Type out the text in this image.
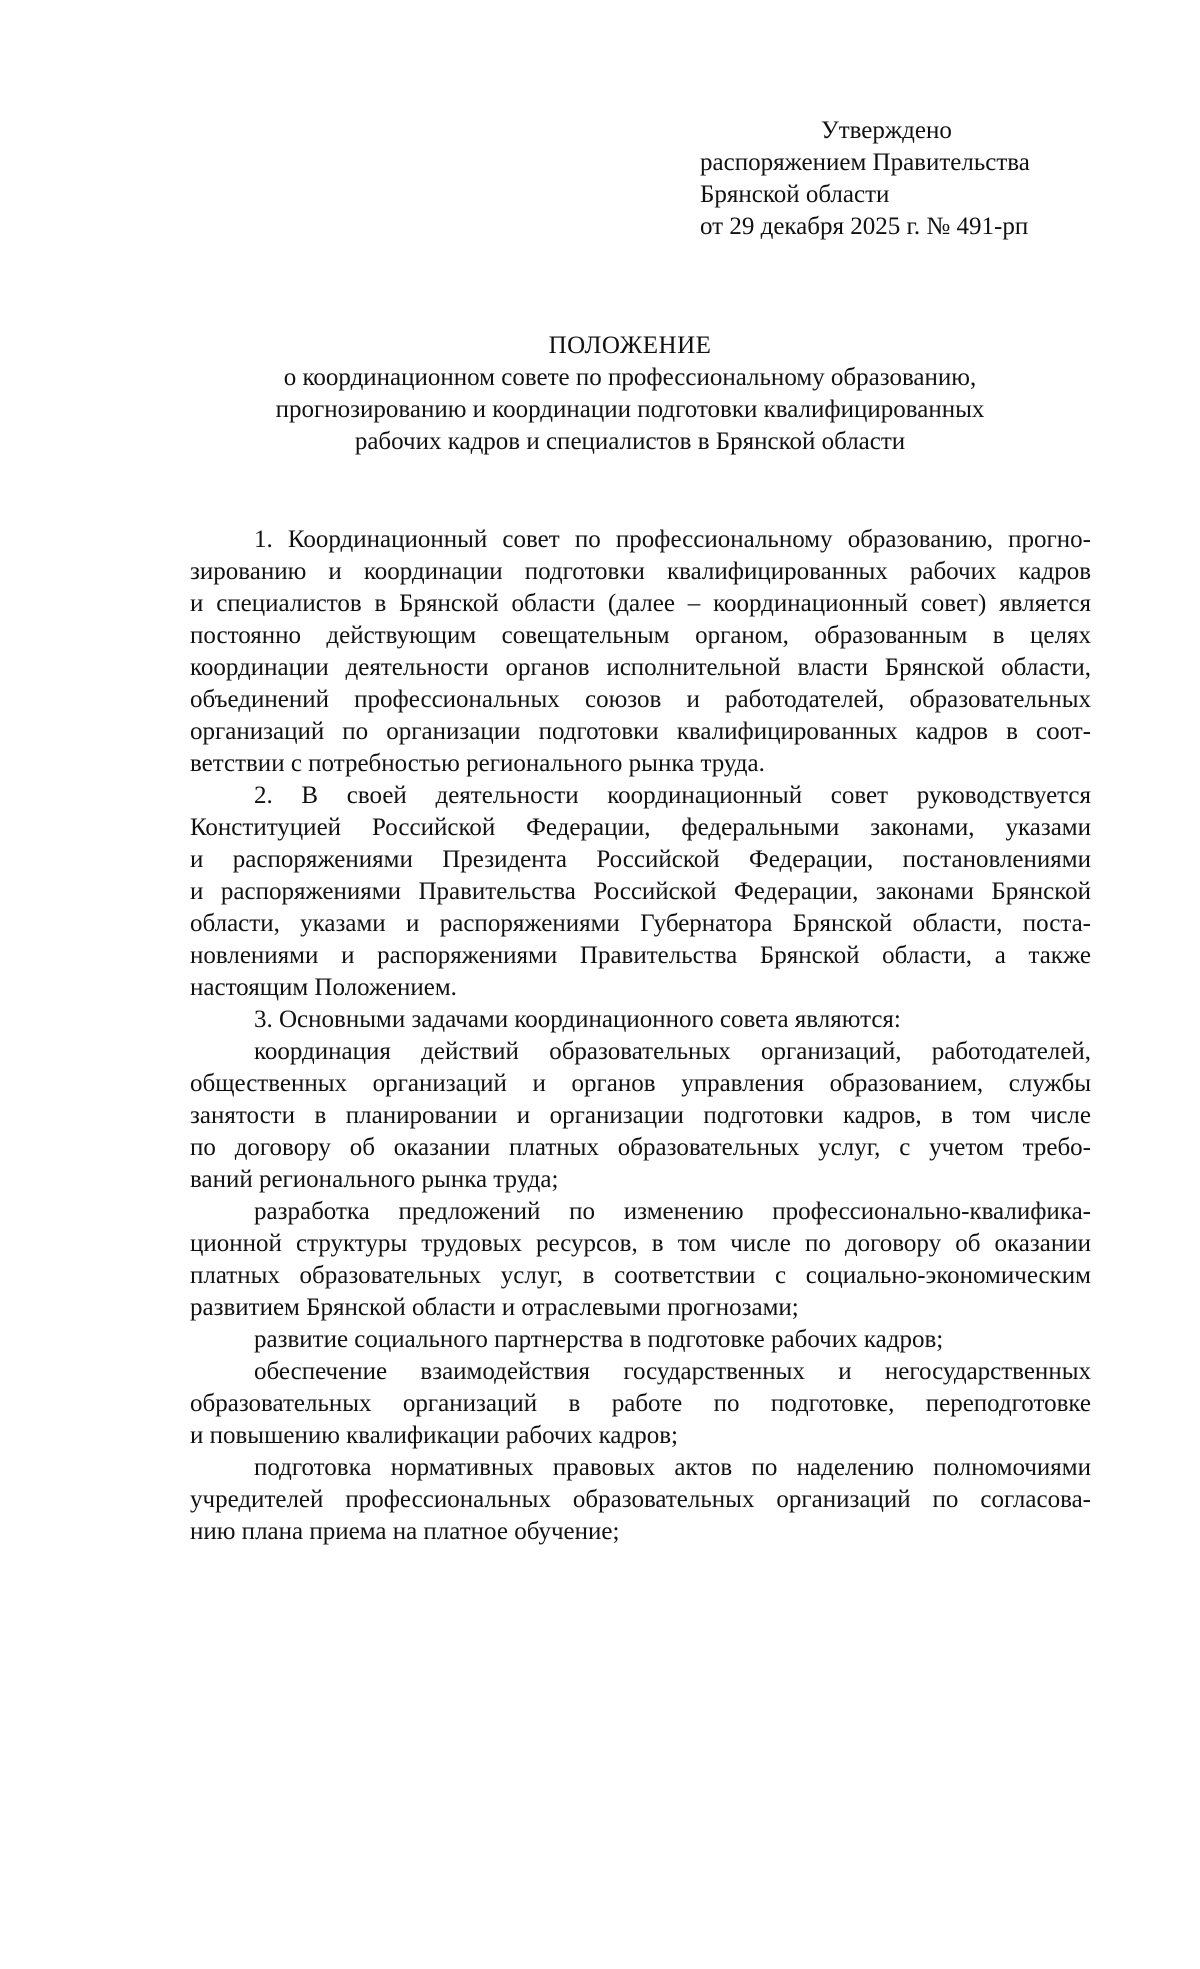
Утверждено
распоряжением Правительства
Брянской области
от 29 декабря 2025 г. № 491-рп
ПОЛОЖЕНИЕ
о координационном совете по профессиональному образованию,
прогнозированию и координации подготовки квалифицированных
рабочих кадров и специалистов в Брянской области
1. Координационный совет по профессиональному образованию, прогно-
зированию и координации подготовки квалифицированных рабочих кадров
и специалистов в Брянской области (далее – координационный совет) является
постоянно действующим совещательным органом, образованным в целях
координации деятельности органов исполнительной власти Брянской области,
объединений профессиональных союзов и работодателей, образовательных
организаций по организации подготовки квалифицированных кадров в соот-
ветствии с потребностью регионального рынка труда.
2. В своей деятельности координационный совет руководствуется
Конституцией Российской Федерации, федеральными законами, указами
и распоряжениями Президента Российской Федерации, постановлениями
и распоряжениями Правительства Российской Федерации, законами Брянской
области, указами и распоряжениями Губернатора Брянской области, поста-
новлениями и распоряжениями Правительства Брянской области, а также
настоящим Положением.
3. Основными задачами координационного совета являются:
координация действий образовательных организаций, работодателей,
общественных организаций и органов управления образованием, службы
занятости в планировании и организации подготовки кадров, в том числе
по договору об оказании платных образовательных услуг, с учетом требо-
ваний регионального рынка труда;
разработка предложений по изменению профессионально-квалифика-
ционной структуры трудовых ресурсов, в том числе по договору об оказании
платных образовательных услуг, в соответствии с социально-экономическим
развитием Брянской области и отраслевыми прогнозами;
развитие социального партнерства в подготовке рабочих кадров;
обеспечение взаимодействия государственных и негосударственных
образовательных организаций в работе по подготовке, переподготовке
и повышению квалификации рабочих кадров;
подготовка нормативных правовых актов по наделению полномочиями
учредителей профессиональных образовательных организаций по согласова-
нию плана приема на платное обучение;
